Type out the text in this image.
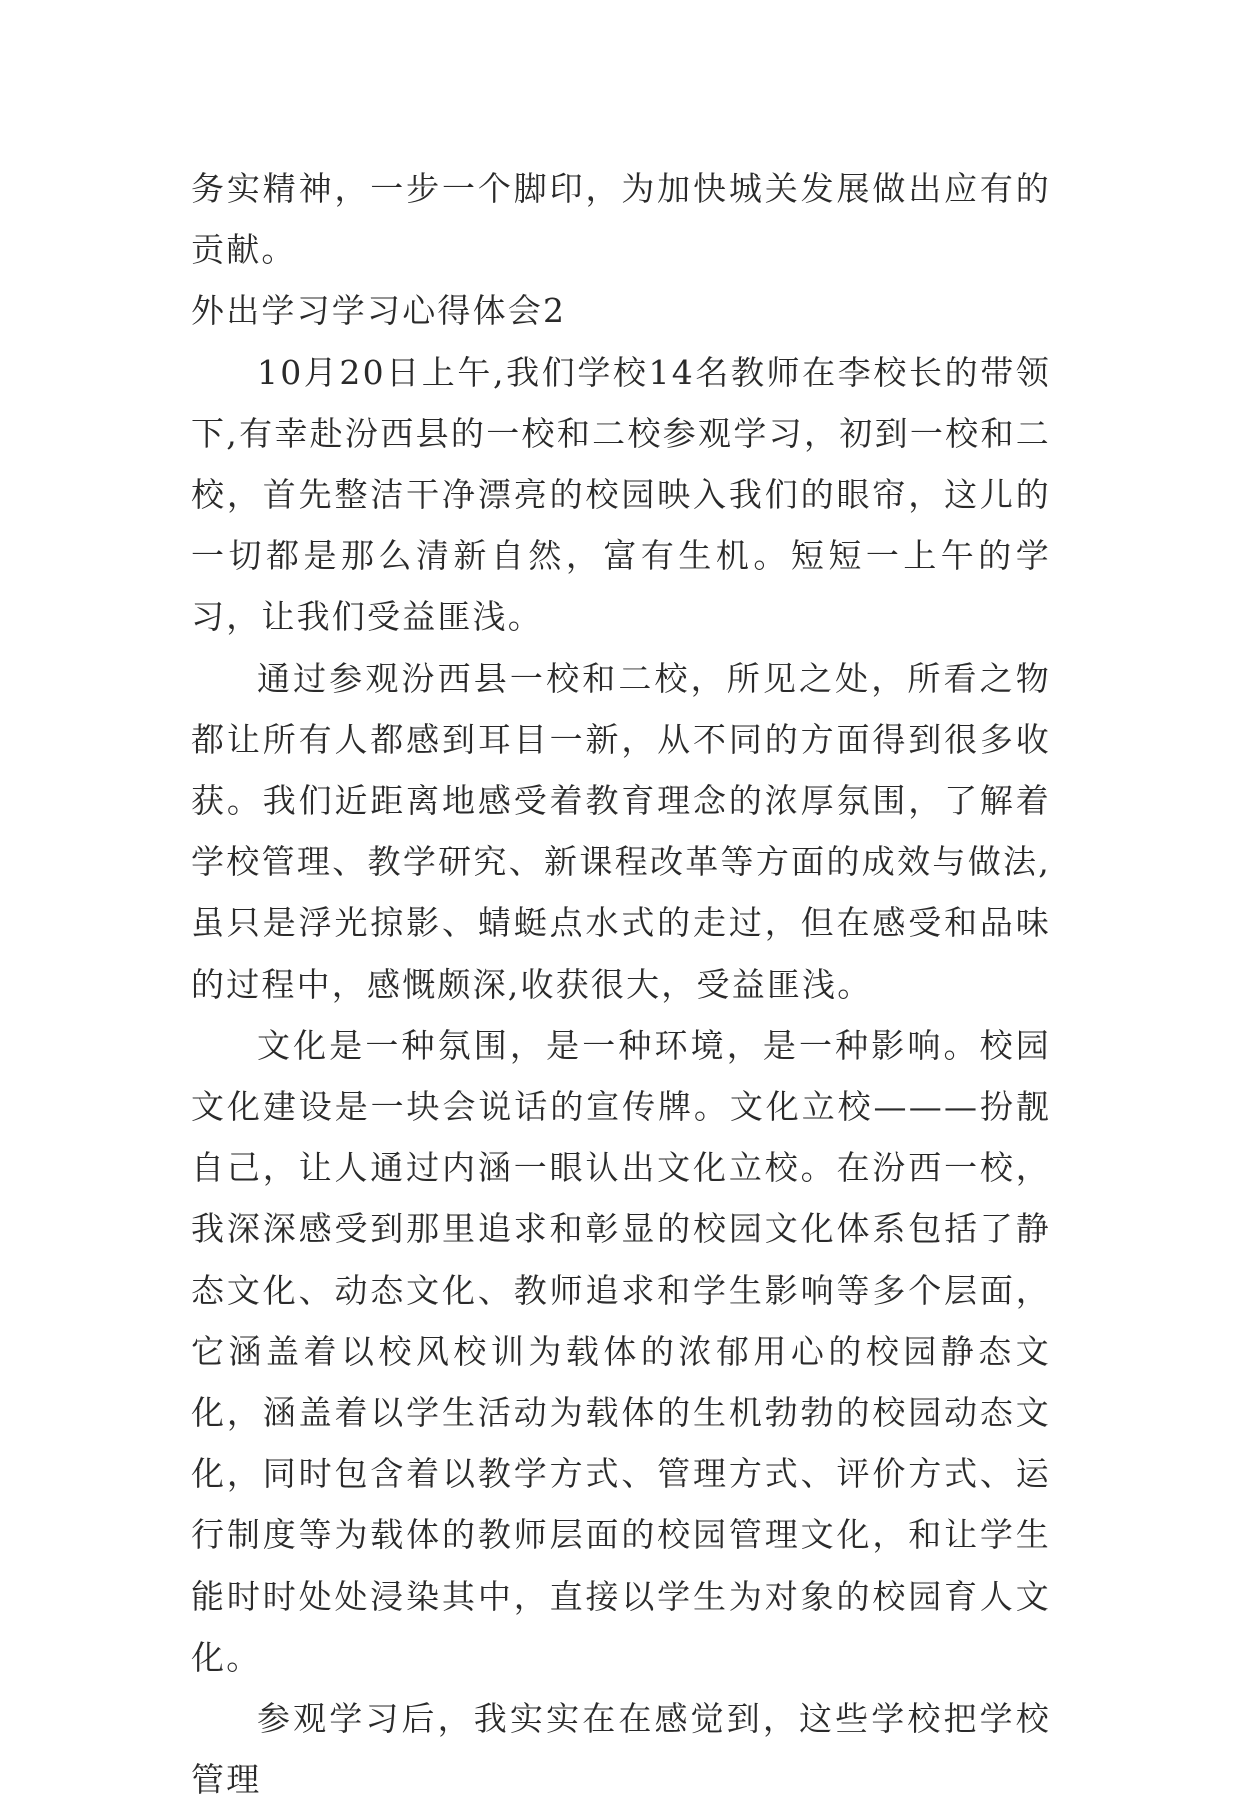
务实精神，一步一个脚印，为加快城关发展做出应有的贡献。

外出学习学习心得体会2

10月20日上午,我们学校14名教师在李校长的带领下,有幸赴汾西县的一校和二校参观学习，初到一校和二校，首先整洁干净漂亮的校园映入我们的眼帘，这儿的一切都是那么清新自然，富有生机。短短一上午的学习，让我们受益匪浅。

通过参观汾西县一校和二校，所见之处，所看之物都让所有人都感到耳目一新，从不同的方面得到很多收获。我们近距离地感受着教育理念的浓厚氛围，了解着学校管理、教学研究、新课程改革等方面的成效与做法,虽只是浮光掠影、蜻蜓点水式的走过，但在感受和品味的过程中，感慨颇深,收获很大，受益匪浅。

文化是一种氛围，是一种环境，是一种影响。校园文化建设是一块会说话的宣传牌。文化立校———扮靓自己，让人通过内涵一眼认出文化立校。在汾西一校，我深深感受到那里追求和彰显的校园文化体系包括了静态文化、动态文化、教师追求和学生影响等多个层面，它涵盖着以校风校训为载体的浓郁用心的校园静态文化，涵盖着以学生活动为载体的生机勃勃的校园动态文化，同时包含着以教学方式、管理方式、评价方式、运行制度等为载体的教师层面的校园管理文化，和让学生能时时处处浸染其中，直接以学生为对象的校园育人文化。

参观学习后，我实实在在感觉到，这些学校把学校管理
